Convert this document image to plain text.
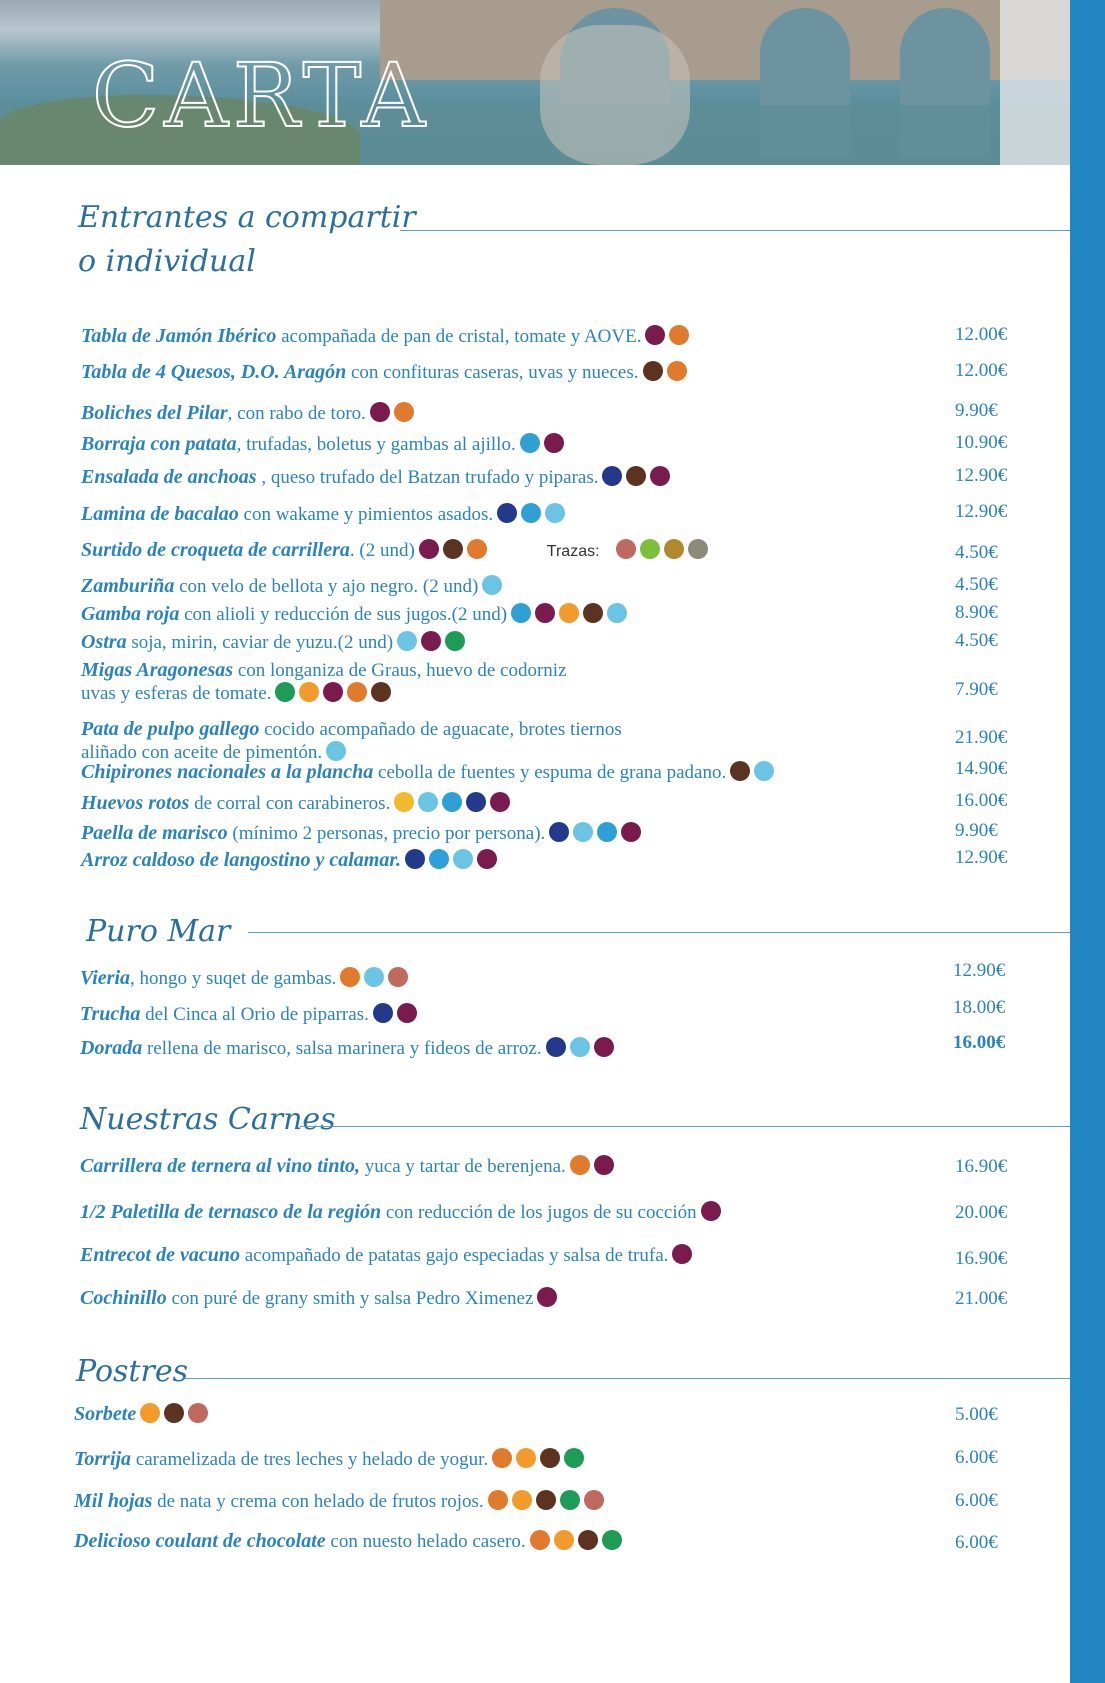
CARTA
Entrantes a compartir
o individual
Puro Mar
Nuestras Carnes
Postres
Tabla de Jamón Ibérico acompañada de pan de cristal, tomate y AOVE.	12.00€
Tabla de 4 Quesos, D.O. Aragón con confituras caseras, uvas y nueces.	12.00€
Boliches del Pilar, con rabo de toro.	9.90€
Borraja con patata, trufadas, boletus y gambas al ajillo.	10.90€
Ensalada de anchoas , queso trufado del Batzan trufado y piparas.	12.90€
Lamina de bacalao con wakame y pimientos asados.	12.90€
Surtido de croqueta de carrillera. (2 und)	Trazas:	4.50€
Zamburiña con velo de bellota y ajo negro. (2 und)	4.50€
Gamba roja con alioli y reducción de sus jugos.(2 und)	8.90€
Ostra soja, mirin, caviar de yuzu.(2 und)	4.50€
Migas Aragonesas con longaniza de Graus, huevo de codorniz
uvas y esferas de tomate.	7.90€
Pata de pulpo gallego cocido acompañado de aguacate, brotes tiernos
aliñado con aceite de pimentón.
21.90€
Chipirones nacionales a la plancha cebolla de fuentes y espuma de grana padano.	14.90€
Huevos rotos de corral con carabineros.	16.00€
Paella de marisco (mínimo 2 personas, precio por persona).	9.90€
Arroz caldoso de langostino y calamar.	12.90€
Vieria, hongo y suqet de gambas.	12.90€
Trucha del Cinca al Orio de piparras.	18.00€
Dorada rellena de marisco, salsa marinera y fideos de arroz.	16.00€
Carrillera de ternera al vino tinto, yuca y tartar de berenjena.	16.90€
1/2 Paletilla de ternasco de la región con reducción de los jugos de su cocción	20.00€
Entrecot de vacuno acompañado de patatas gajo especiadas y salsa de trufa.	16.90€
Cochinillo con puré de grany smith y salsa Pedro Ximenez	21.00€
Sorbete	5.00€
Torrija caramelizada de tres leches y helado de yogur.	6.00€
Mil hojas de nata y crema con helado de frutos rojos.	6.00€
Delicioso coulant de chocolate con nuesto helado casero.	6.00€
